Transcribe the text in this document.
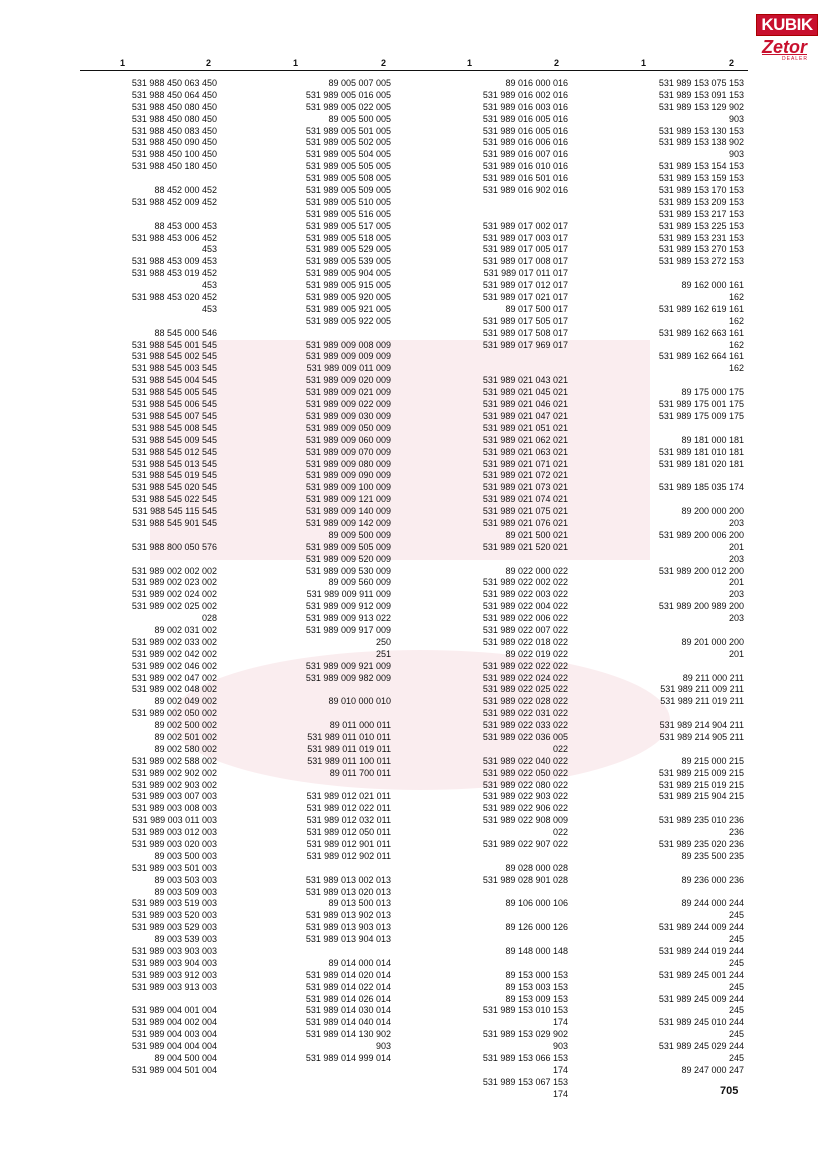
KUBIK
Zetor
DEALER
1	2	1	2	1	2	1	2
531 988 450 063 450
531 988 450 064 450
531 988 450 080 450
531 988 450 080 450
531 988 450 083 450
531 988 450 090 450
531 988 450 100 450
531 988 450 180 450
88 452 000 452
531 988 452 009 452
88 453 000 453
531 988 453 006 452
453
531 988 453 009 453
531 988 453 019 452
453
531 988 453 020 452
453
88 545 000 546
531 988 545 001 545
531 988 545 002 545
531 988 545 003 545
531 988 545 004 545
531 988 545 005 545
531 988 545 006 545
531 988 545 007 545
531 988 545 008 545
531 988 545 009 545
531 988 545 012 545
531 988 545 013 545
531 988 545 019 545
531 988 545 020 545
531 988 545 022 545
531 988 545 115 545
531 988 545 901 545
531 988 800 050 576
531 989 002 002 002
531 989 002 023 002
531 989 002 024 002
531 989 002 025 002
028
89 002 031 002
531 989 002 033 002
531 989 002 042 002
531 989 002 046 002
531 989 002 047 002
531 989 002 048 002
89 002 049 002
531 989 002 050 002
89 002 500 002
89 002 501 002
89 002 580 002
531 989 002 588 002
531 989 002 902 002
531 989 002 903 002
531 989 003 007 003
531 989 003 008 003
531 989 003 011 003
531 989 003 012 003
531 989 003 020 003
89 003 500 003
531 989 003 501 003
89 003 503 003
89 003 509 003
531 989 003 519 003
531 989 003 520 003
531 989 003 529 003
89 003 539 003
531 989 003 903 003
531 989 003 904 003
531 989 003 912 003
531 989 003 913 003
531 989 004 001 004
531 989 004 002 004
531 989 004 003 004
531 989 004 004 004
89 004 500 004
531 989 004 501 004
89 005 007 005
531 989 005 016 005
531 989 005 022 005
89 005 500 005
531 989 005 501 005
531 989 005 502 005
531 989 005 504 005
531 989 005 505 005
531 989 005 508 005
531 989 005 509 005
531 989 005 510 005
531 989 005 516 005
531 989 005 517 005
531 989 005 518 005
531 989 005 529 005
531 989 005 539 005
531 989 005 904 005
531 989 005 915 005
531 989 005 920 005
531 989 005 921 005
531 989 005 922 005
531 989 009 008 009
531 989 009 009 009
531 989 009 011 009
531 989 009 020 009
531 989 009 021 009
531 989 009 022 009
531 989 009 030 009
531 989 009 050 009
531 989 009 060 009
531 989 009 070 009
531 989 009 080 009
531 989 009 090 009
531 989 009 100 009
531 989 009 121 009
531 989 009 140 009
531 989 009 142 009
89 009 500 009
531 989 009 505 009
531 989 009 520 009
531 989 009 530 009
89 009 560 009
531 989 009 911 009
531 989 009 912 009
531 989 009 913 022
531 989 009 917 009
250
251
531 989 009 921 009
531 989 009 982 009
89 010 000 010
89 011 000 011
531 989 011 010 011
531 989 011 019 011
531 989 011 100 011
89 011 700 011
531 989 012 021 011
531 989 012 022 011
531 989 012 032 011
531 989 012 050 011
531 989 012 901 011
531 989 012 902 011
531 989 013 002 013
531 989 013 020 013
89 013 500 013
531 989 013 902 013
531 989 013 903 013
531 989 013 904 013
89 014 000 014
531 989 014 020 014
531 989 014 022 014
531 989 014 026 014
531 989 014 030 014
531 989 014 040 014
531 989 014 130 902
903
531 989 014 999 014
89 016 000 016
531 989 016 002 016
531 989 016 003 016
531 989 016 005 016
531 989 016 005 016
531 989 016 006 016
531 989 016 007 016
531 989 016 010 016
531 989 016 501 016
531 989 016 902 016
531 989 017 002 017
531 989 017 003 017
531 989 017 005 017
531 989 017 008 017
531 989 017 011 017
531 989 017 012 017
531 989 017 021 017
89 017 500 017
531 989 017 505 017
531 989 017 508 017
531 989 017 969 017
531 989 021 043 021
531 989 021 045 021
531 989 021 046 021
531 989 021 047 021
531 989 021 051 021
531 989 021 062 021
531 989 021 063 021
531 989 021 071 021
531 989 021 072 021
531 989 021 073 021
531 989 021 074 021
531 989 021 075 021
531 989 021 076 021
89 021 500 021
531 989 021 520 021
89 022 000 022
531 989 022 002 022
531 989 022 003 022
531 989 022 004 022
531 989 022 006 022
531 989 022 007 022
531 989 022 018 022
89 022 019 022
531 989 022 022 022
531 989 022 024 022
531 989 022 025 022
531 989 022 028 022
531 989 022 031 022
531 989 022 033 022
531 989 022 036 005
022
531 989 022 040 022
531 989 022 050 022
531 989 022 080 022
531 989 022 903 022
531 989 022 906 022
531 989 022 908 009
022
531 989 022 907 022
89 028 000 028
531 989 028 901 028
89 106 000 106
89 126 000 126
89 148 000 148
89 153 000 153
89 153 003 153
89 153 009 153
531 989 153 010 153
174
531 989 153 029 902
903
531 989 153 066 153
174
531 989 153 067 153
174
531 989 153 075 153
531 989 153 091 153
531 989 153 129 902
903
531 989 153 130 153
531 989 153 138 902
903
531 989 153 154 153
531 989 153 159 153
531 989 153 170 153
531 989 153 209 153
531 989 153 217 153
531 989 153 225 153
531 989 153 231 153
531 989 153 270 153
531 989 153 272 153
89 162 000 161
162
531 989 162 619 161
162
531 989 162 663 161
162
531 989 162 664 161
162
89 175 000 175
531 989 175 001 175
531 989 175 009 175
89 181 000 181
531 989 181 010 181
531 989 181 020 181
531 989 185 035 174
89 200 000 200
203
531 989 200 006 200
201
203
531 989 200 012 200
201
203
531 989 200 989 200
203
89 201 000 200
201
89 211 000 211
531 989 211 009 211
531 989 211 019 211
531 989 214 904 211
531 989 214 905 211
89 215 000 215
531 989 215 009 215
531 989 215 019 215
531 989 215 904 215
531 989 235 010 236
236
531 989 235 020 236
89 235 500 235
89 236 000 236
89 244 000 244
245
531 989 244 009 244
245
531 989 244 019 244
245
531 989 245 001 244
245
531 989 245 009 244
245
531 989 245 010 244
245
531 989 245 029 244
245
89 247 000 247
705
